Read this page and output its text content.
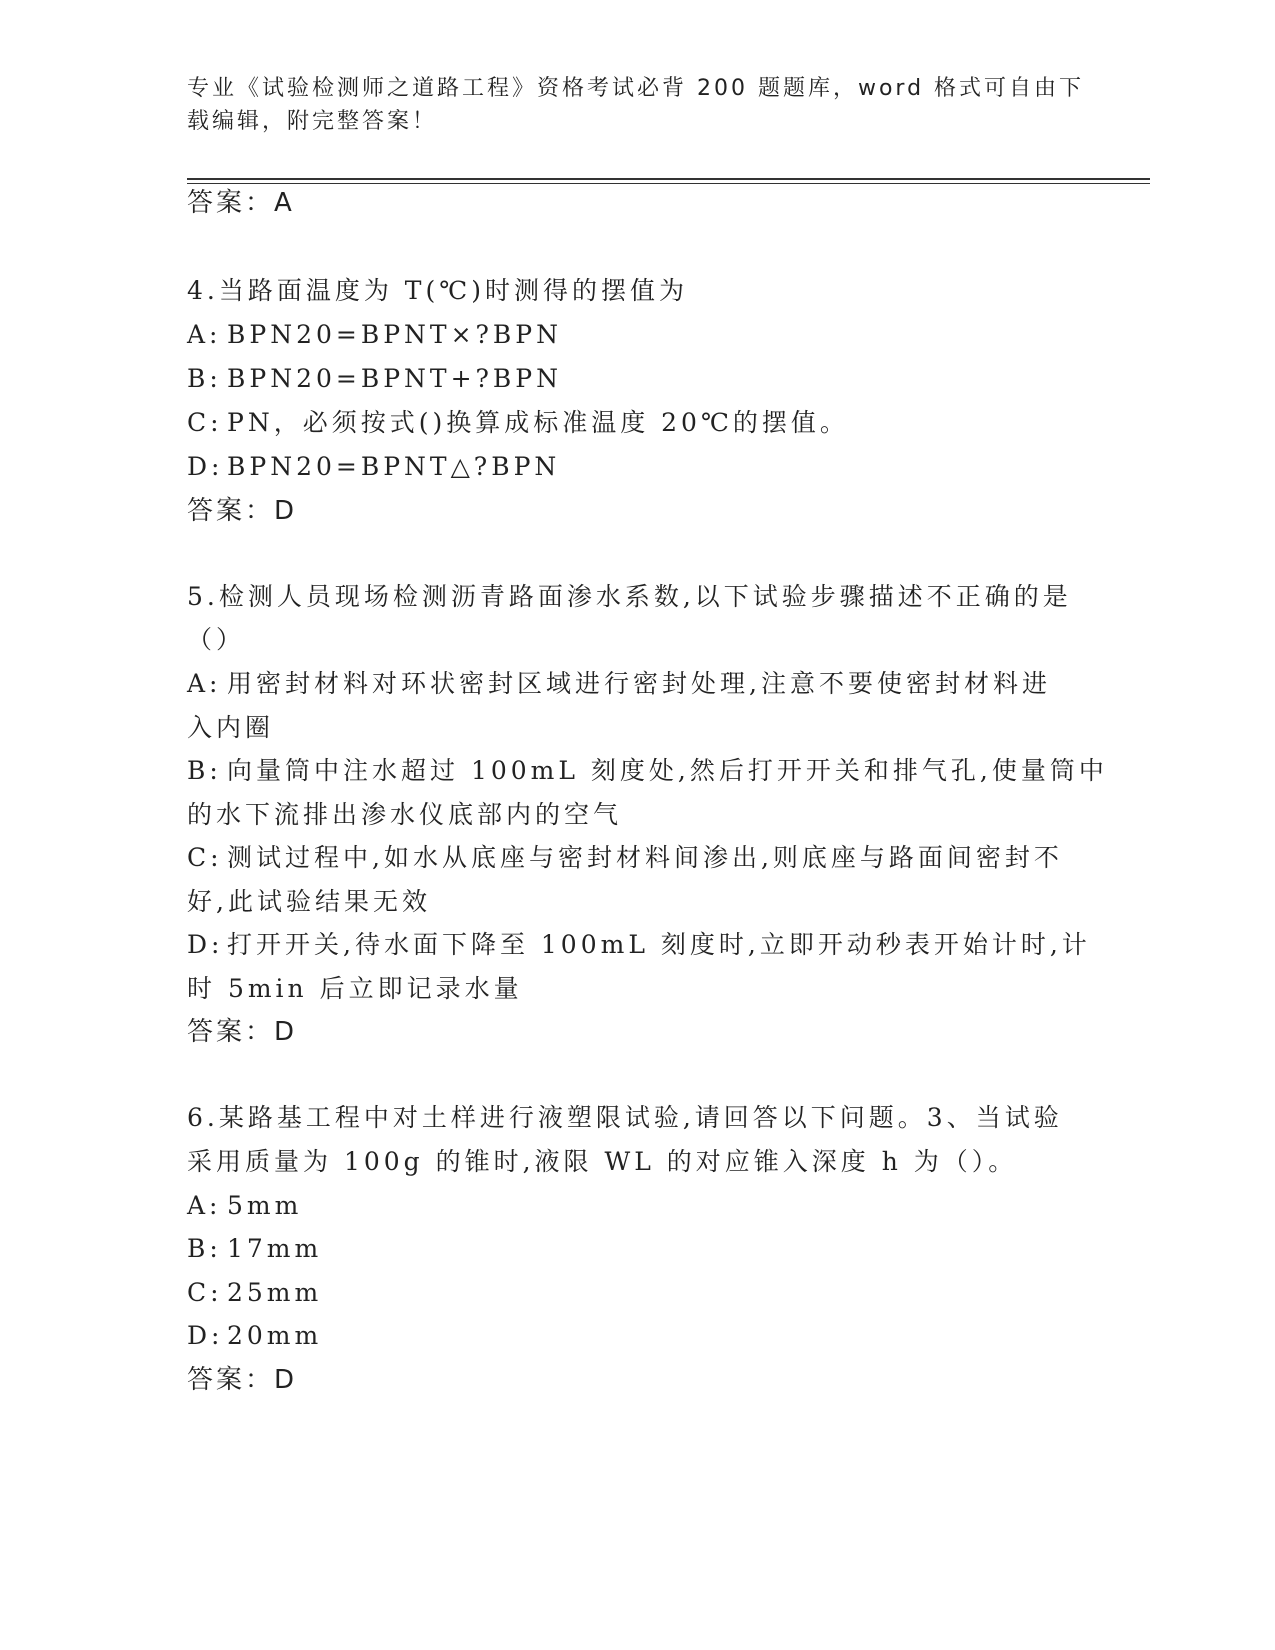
专业《试验检测师之道路工程》资格考试必背 200 题题库，word 格式可自由下载编辑，附完整答案！
答案：A
4.当路面温度为 T(℃)时测得的摆值为
A: BPN20=BPNT×?BPN
B: BPN20=BPNT+?BPN
C: PN，必须按式()换算成标准温度 20℃的摆值。
D: BPN20=BPNT△?BPN
答案：D
5.检测人员现场检测沥青路面渗水系数,以下试验步骤描述不正确的是
（）
A: 用密封材料对环状密封区域进行密封处理,注意不要使密封材料进
入内圈
B: 向量筒中注水超过 100mL 刻度处,然后打开开关和排气孔,使量筒中
的水下流排出渗水仪底部内的空气
C: 测试过程中,如水从底座与密封材料间渗出,则底座与路面间密封不
好,此试验结果无效
D: 打开开关,待水面下降至 100mL 刻度时,立即开动秒表开始计时,计
时 5min 后立即记录水量
答案：D
6.某路基工程中对土样进行液塑限试验,请回答以下问题。3、当试验
采用质量为 100g 的锥时,液限 WL 的对应锥入深度 h 为（）。
A: 5mm
B: 17mm
C: 25mm
D: 20mm
答案：D
